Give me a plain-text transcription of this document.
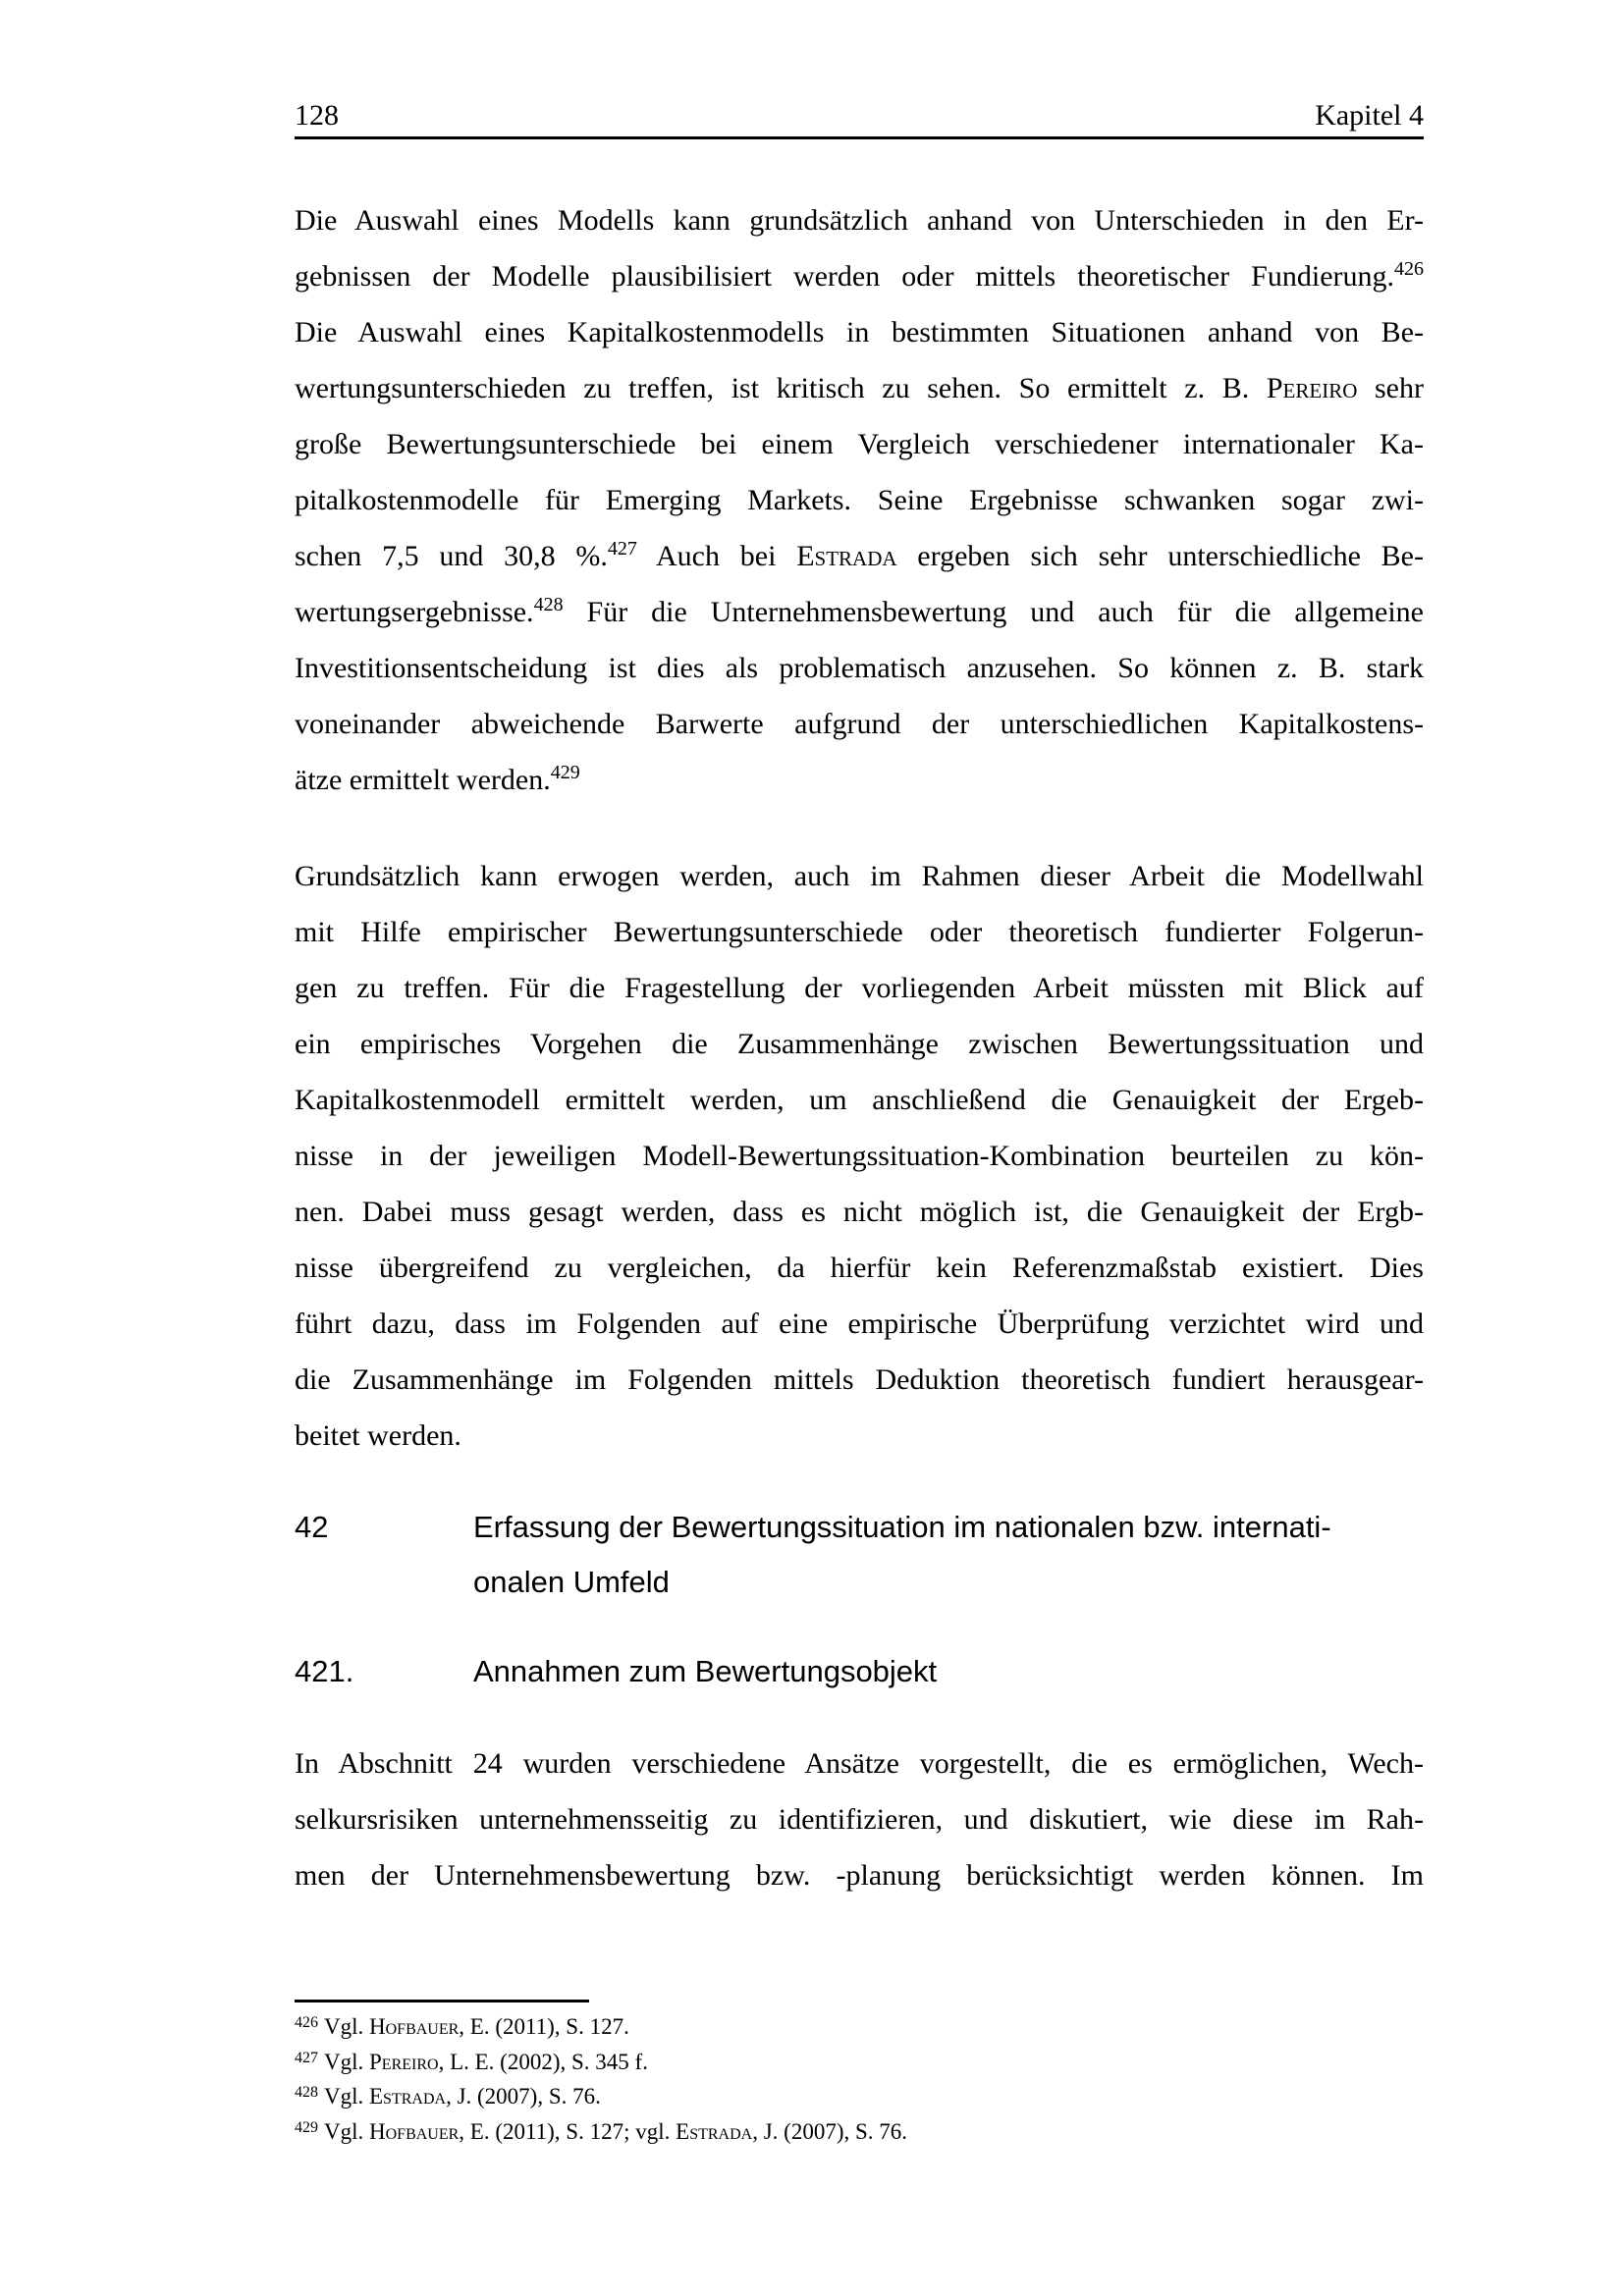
128	Kapitel 4
Die Auswahl eines Modells kann grundsätzlich anhand von Unterschieden in den Er-
gebnissen der Modelle plausibilisiert werden oder mittels theoretischer Fundierung.$^{426}$
Die Auswahl eines Kapitalkostenmodells in bestimmten Situationen anhand von Be-
wertungsunterschieden zu treffen, ist kritisch zu sehen. So ermittelt z. B. Pereiro sehr
große Bewertungsunterschiede bei einem Vergleich verschiedener internationaler Ka-
pitalkostenmodelle für Emerging Markets. Seine Ergebnisse schwanken sogar zwi-
schen 7,5 und 30,8 %.$^{427}$ Auch bei Estrada ergeben sich sehr unterschiedliche Be-
wertungsergebnisse.$^{428}$ Für die Unternehmensbewertung und auch für die allgemeine
Investitionsentscheidung ist dies als problematisch anzusehen. So können z. B. stark
voneinander abweichende Barwerte aufgrund der unterschiedlichen Kapitalkostens-
ätze ermittelt werden.$^{429}$
Grundsätzlich kann erwogen werden, auch im Rahmen dieser Arbeit die Modellwahl
mit Hilfe empirischer Bewertungsunterschiede oder theoretisch fundierter Folgerun-
gen zu treffen. Für die Fragestellung der vorliegenden Arbeit müssten mit Blick auf
ein empirisches Vorgehen die Zusammenhänge zwischen Bewertungssituation und
Kapitalkostenmodell ermittelt werden, um anschließend die Genauigkeit der Ergeb-
nisse in der jeweiligen Modell-Bewertungssituation-Kombination beurteilen zu kön-
nen. Dabei muss gesagt werden, dass es nicht möglich ist, die Genauigkeit der Ergb-
nisse übergreifend zu vergleichen, da hierfür kein Referenzmaßstab existiert. Dies
führt dazu, dass im Folgenden auf eine empirische Überprüfung verzichtet wird und
die Zusammenhänge im Folgenden mittels Deduktion theoretisch fundiert herausgear-
beitet werden.
42	Erfassung der Bewertungssituation im nationalen bzw. internati-
onalen Umfeld
421.	Annahmen zum Bewertungsobjekt
In Abschnitt 24 wurden verschiedene Ansätze vorgestellt, die es ermöglichen, Wech-
selkursrisiken unternehmensseitig zu identifizieren, und diskutiert, wie diese im Rah-
men der Unternehmensbewertung bzw. -planung berücksichtigt werden können. Im
$^{426}$ Vgl. Hofbauer, E. (2011), S. 127.
$^{427}$ Vgl. Pereiro, L. E. (2002), S. 345 f.
$^{428}$ Vgl. Estrada, J. (2007), S. 76.
$^{429}$ Vgl. Hofbauer, E. (2011), S. 127; vgl. Estrada, J. (2007), S. 76.
